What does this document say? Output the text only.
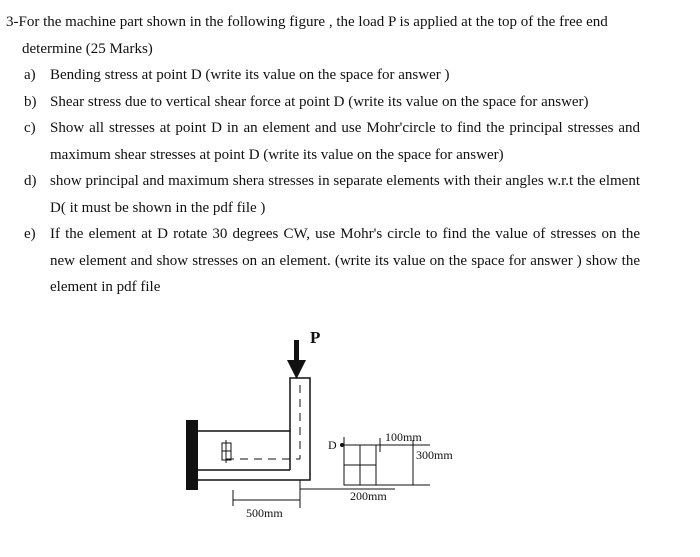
3-For the machine part shown in the following figure , the load P is applied at the top of the free end

determine (25 Marks)

a) Bending stress at point D (write its value on the space for answer )
b) Shear stress due to vertical shear force at point D (write its value on the space for answer)
c) Show all stresses at point D in an element and use Mohr'circle to find the principal stresses and maximum shear stresses at point D (write its value on the space for answer)
d) show principal and maximum shera stresses in separate elements with their angles w.r.t the elment D( it must be shown in the pdf file )
e) If the element at D rotate 30 degrees CW, use Mohr's circle to find the value of stresses on the new element and show stresses on an element. (write its value on the space for answer ) show the element in pdf file
P
D
100mm
300mm
200mm
500mm
